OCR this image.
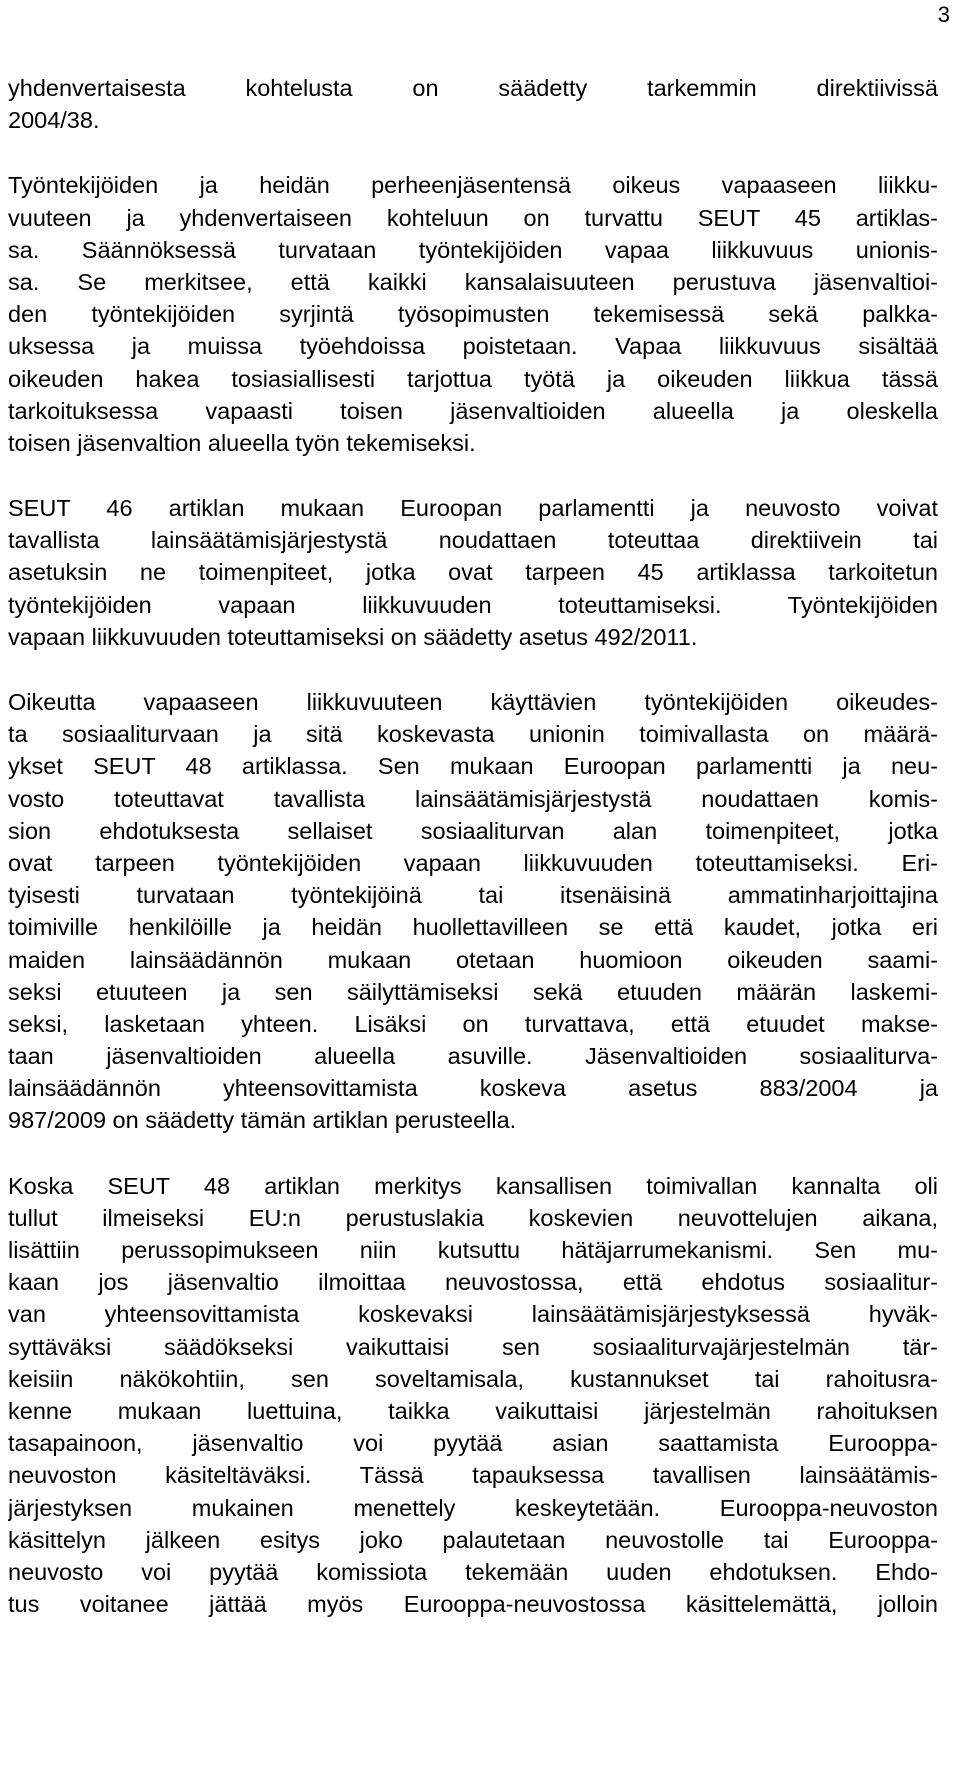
3
yhdenvertaisesta kohtelusta on säädetty tarkemmin direktiivissä
2004/38.
Työntekijöiden ja heidän perheenjäsentensä oikeus vapaaseen liikku-
vuuteen ja yhdenvertaiseen kohteluun on turvattu SEUT 45 artiklas-
sa. Säännöksessä turvataan työntekijöiden vapaa liikkuvuus unionis-
sa. Se merkitsee, että kaikki kansalaisuuteen perustuva jäsenvaltioi-
den työntekijöiden syrjintä työsopimusten tekemisessä sekä palkka-
uksessa ja muissa työehdoissa poistetaan. Vapaa liikkuvuus sisältää
oikeuden hakea tosiasiallisesti tarjottua työtä ja oikeuden liikkua tässä
tarkoituksessa vapaasti toisen jäsenvaltioiden alueella ja oleskella
toisen jäsenvaltion alueella työn tekemiseksi.
SEUT 46 artiklan mukaan Euroopan parlamentti ja neuvosto voivat
tavallista lainsäätämisjärjestystä noudattaen toteuttaa direktiivein tai
asetuksin ne toimenpiteet, jotka ovat tarpeen 45 artiklassa tarkoitetun
työntekijöiden vapaan liikkuvuuden toteuttamiseksi. Työntekijöiden
vapaan liikkuvuuden toteuttamiseksi on säädetty asetus 492/2011.
Oikeutta vapaaseen liikkuvuuteen käyttävien työntekijöiden oikeudes-
ta sosiaaliturvaan ja sitä koskevasta unionin toimivallasta on määrä-
ykset SEUT 48 artiklassa. Sen mukaan Euroopan parlamentti ja neu-
vosto toteuttavat tavallista lainsäätämisjärjestystä noudattaen komis-
sion ehdotuksesta sellaiset sosiaaliturvan alan toimenpiteet, jotka
ovat tarpeen työntekijöiden vapaan liikkuvuuden toteuttamiseksi. Eri-
tyisesti turvataan työntekijöinä tai itsenäisinä ammatinharjoittajina
toimiville henkilöille ja heidän huollettavilleen se että kaudet, jotka eri
maiden lainsäädännön mukaan otetaan huomioon oikeuden saami-
seksi etuuteen ja sen säilyttämiseksi sekä etuuden määrän laskemi-
seksi, lasketaan yhteen. Lisäksi on turvattava, että etuudet makse-
taan jäsenvaltioiden alueella asuville. Jäsenvaltioiden sosiaaliturva-
lainsäädännön yhteensovittamista koskeva asetus 883/2004 ja
987/2009 on säädetty tämän artiklan perusteella.
Koska SEUT 48 artiklan merkitys kansallisen toimivallan kannalta oli
tullut ilmeiseksi EU:n perustuslakia koskevien neuvottelujen aikana,
lisättiin perussopimukseen niin kutsuttu hätäjarrumekanismi. Sen mu-
kaan jos jäsenvaltio ilmoittaa neuvostossa, että ehdotus sosiaalitur-
van yhteensovittamista koskevaksi lainsäätämisjärjestyksessä hyväk-
syttäväksi säädökseksi vaikuttaisi sen sosiaaliturvajärjestelmän tär-
keisiin näkökohtiin, sen soveltamisala, kustannukset tai rahoitusra-
kenne mukaan luettuina, taikka vaikuttaisi järjestelmän rahoituksen
tasapainoon, jäsenvaltio voi pyytää asian saattamista Eurooppa-
neuvoston käsiteltäväksi. Tässä tapauksessa tavallisen lainsäätämis-
järjestyksen mukainen menettely keskeytetään. Eurooppa-neuvoston
käsittelyn jälkeen esitys joko palautetaan neuvostolle tai Eurooppa-
neuvosto voi pyytää komissiota tekemään uuden ehdotuksen. Ehdo-
tus voitanee jättää myös Eurooppa-neuvostossa käsittelemättä, jolloin
